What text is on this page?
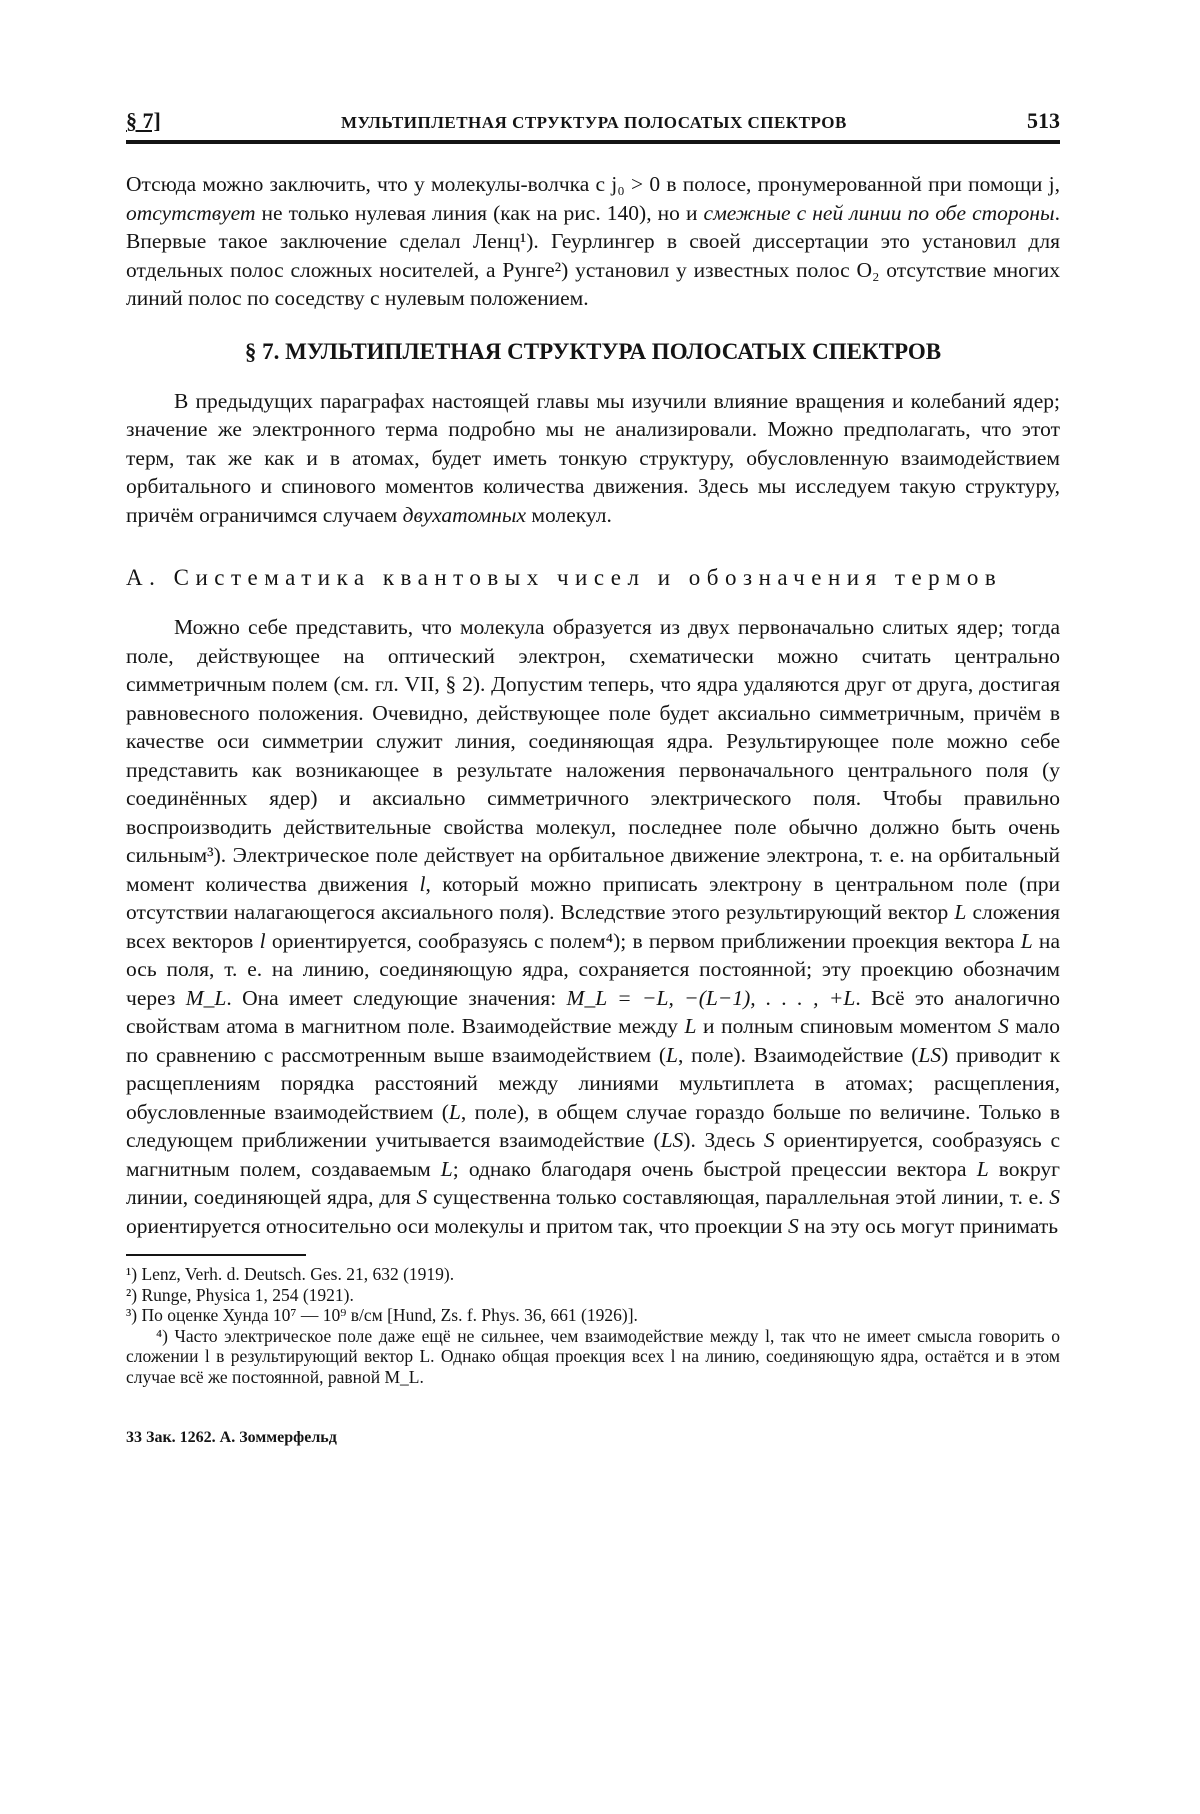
§ 7]	МУЛЬТИПЛЕТНАЯ СТРУКТУРА ПОЛОСАТЫХ СПЕКТРОВ	513

Отсюда можно заключить, что у молекулы-волчка с j₀ > 0 в полосе, пронумерованной при помощи j, отсутствует не только нулевая линия (как на рис. 140), но и смежные с ней линии по обе стороны. Впервые такое заключение сделал Ленц¹). Геурлингер в своей диссертации это установил для отдельных полос сложных носителей, а Рунге²) установил у известных полос O₂ отсутствие многих линий полос по соседству с нулевым положением.

§ 7. МУЛЬТИПЛЕТНАЯ СТРУКТУРА ПОЛОСАТЫХ СПЕКТРОВ

В предыдущих параграфах настоящей главы мы изучили влияние вращения и колебаний ядер; значение же электронного терма подробно мы не анализировали. Можно предполагать, что этот терм, так же как и в атомах, будет иметь тонкую структуру, обусловленную взаимодействием орбитального и спинового моментов количества движения. Здесь мы исследуем такую структуру, причём ограничимся случаем двухатомных молекул.

А. Систематика квантовых чисел и обозначения термов

Можно себе представить, что молекула образуется из двух первоначально слитых ядер; тогда поле, действующее на оптический электрон, схематически можно считать центрально симметричным полем (см. гл. VII, § 2). Допустим теперь, что ядра удаляются друг от друга, достигая равновесного положения. Очевидно, действующее поле будет аксиально симметричным, причём в качестве оси симметрии служит линия, соединяющая ядра. Результирующее поле можно себе представить как возникающее в результате наложения первоначального центрального поля (у соединённых ядер) и аксиально симметричного электрического поля. Чтобы правильно воспроизводить действительные свойства молекул, последнее поле обычно должно быть очень сильным³). Электрическое поле действует на орбитальное движение электрона, т. е. на орбитальный момент количества движения l, который можно приписать электрону в центральном поле (при отсутствии налагающегося аксиального поля). Вследствие этого результирующий вектор L сложения всех векторов l ориентируется, сообразуясь с полем⁴); в первом приближении проекция вектора L на ось поля, т. е. на линию, соединяющую ядра, сохраняется постоянной; эту проекцию обозначим через M_L. Она имеет следующие значения: M_L = −L, −(L−1), . . . , +L. Всё это аналогично свойствам атома в магнитном поле. Взаимодействие между L и полным спиновым моментом S мало по сравнению с рассмотренным выше взаимодействием (L, поле). Взаимодействие (LS) приводит к расщеплениям порядка расстояний между линиями мультиплета в атомах; расщепления, обусловленные взаимодействием (L, поле), в общем случае гораздо больше по величине. Только в следующем приближении учитывается взаимодействие (LS). Здесь S ориентируется, сообразуясь с магнитным полем, создаваемым L; однако благодаря очень быстрой прецессии вектора L вокруг линии, соединяющей ядра, для S существенна только составляющая, параллельная этой линии, т. е. S ориентируется относительно оси молекулы и притом так, что проекции S на эту ось могут принимать

¹) Lenz, Verh. d. Deutsch. Ges. 21, 632 (1919).
²) Runge, Physica 1, 254 (1921).
³) По оценке Хунда 10⁷ — 10⁹ в/см [Hund, Zs. f. Phys. 36, 661 (1926)].
⁴) Часто электрическое поле даже ещё не сильнее, чем взаимодействие между l, так что не имеет смысла говорить о сложении l в результирующий вектор L. Однако общая проекция всех l на линию, соединяющую ядра, остаётся и в этом случае всё же постоянной, равной M_L.
33 Зак. 1262. А. Зоммерфельд
